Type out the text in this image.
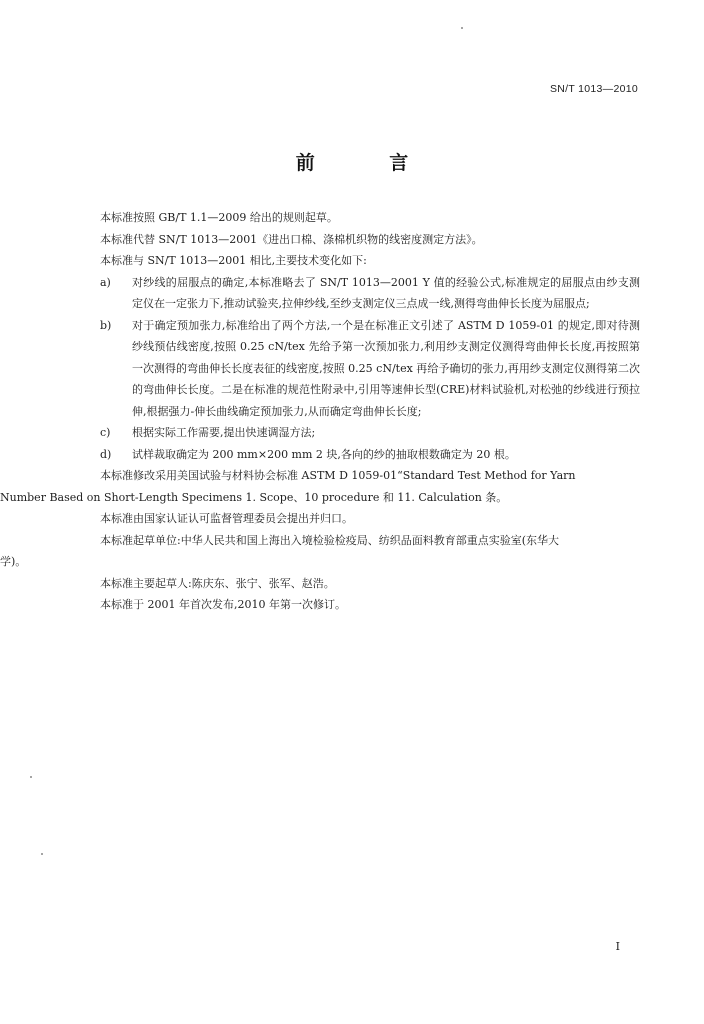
SN/T 1013—2010
前 言

本标准按照 GB/T 1.1—2009 给出的规则起草。

本标准代替 SN/T 1013—2001《进出口棉、涤棉机织物的线密度测定方法》。

本标准与 SN/T 1013—2001 相比,主要技术变化如下:

a)	对纱线的屈服点的确定,本标准略去了 SN/T 1013—2001 Y 值的经验公式,标准规定的屈服点由纱支测定仪在一定张力下,推动试验夹,拉伸纱线,至纱支测定仪三点成一线,测得弯曲伸长长度为屈服点;
b)	对于确定预加张力,标准给出了两个方法,一个是在标准正文引述了 ASTM D 1059-01 的规定,即对待测纱线预估线密度,按照 0.25 cN/tex 先给予第一次预加张力,利用纱支测定仪测得弯曲伸长长度,再按照第一次测得的弯曲伸长长度表征的线密度,按照 0.25 cN/tex 再给予确切的张力,再用纱支测定仪测得第二次的弯曲伸长长度。二是在标准的规范性附录中,引用等速伸长型(CRE)材料试验机,对松弛的纱线进行预拉伸,根据强力-伸长曲线确定预加张力,从而确定弯曲伸长长度;
c)	根据实际工作需要,提出快速调湿方法;
d)	试样裁取确定为 200 mm×200 mm 2 块,各向的纱的抽取根数确定为 20 根。

本标准修改采用美国试验与材料协会标准 ASTM D 1059-01“Standard Test Method for Yarn

Number Based on Short-Length Specimens 1. Scope、10 procedure 和 11. Calculation 条。

本标准由国家认证认可监督管理委员会提出并归口。

本标准起草单位:中华人民共和国上海出入境检验检疫局、纺织品面料教育部重点实验室(东华大

学)。

本标准主要起草人:陈庆东、张宁、张军、赵浩。

本标准于 2001 年首次发布,2010 年第一次修订。

I
